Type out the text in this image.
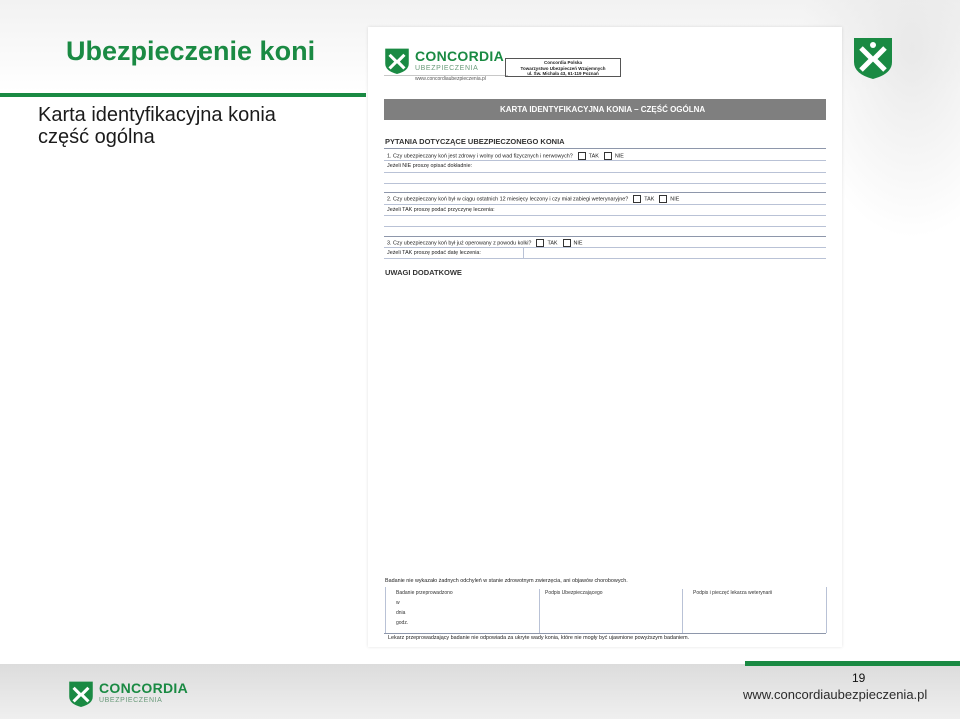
Ubezpieczenie koni
Karta identyfikacyjna konia
część ogólna
CONCORDIA
UBEZPIECZENIA
www.concordiaubezpieczenia.pl
Concordia Polska
Towarzystwo Ubezpieczeń Wzajemnych
ul. Św. Michała 43, 61-119 Poznań
KARTA IDENTYFIKACYJNA KONIA – CZĘŚĆ OGÓLNA
PYTANIA DOTYCZĄCE UBEZPIECZONEGO KONIA
1. Czy ubezpieczany koń jest zdrowy i wolny od wad fizycznych i nerwowych?	TAK	NIE
Jeżeli NIE proszę opisać dokładnie:
2. Czy ubezpieczany koń był w ciągu ostatnich 12 miesięcy leczony i czy miał zabiegi weterynaryjne?	TAK	NIE
Jeżeli TAK proszę podać przyczynę leczenia:
3. Czy ubezpieczany koń był już operowany z powodu kolki?	TAK	NIE
Jeżeli TAK proszę podać datę leczenia:
UWAGI DODATKOWE
Badanie nie wykazało żadnych odchyleń w stanie zdrowotnym zwierzęcia, ani objawów chorobowych.
Badanie przeprowadzono
w
dnia
godz.
Podpis Ubezpieczającego	Podpis i pieczęć lekarza weterynarii
Lekarz przeprowadzający badanie nie odpowiada za ukryte wady konia, które nie mogły być ujawnione powyższym badaniem.
CONCORDIA
UBEZPIECZENIA
19
www.concordiaubezpieczenia.pl
